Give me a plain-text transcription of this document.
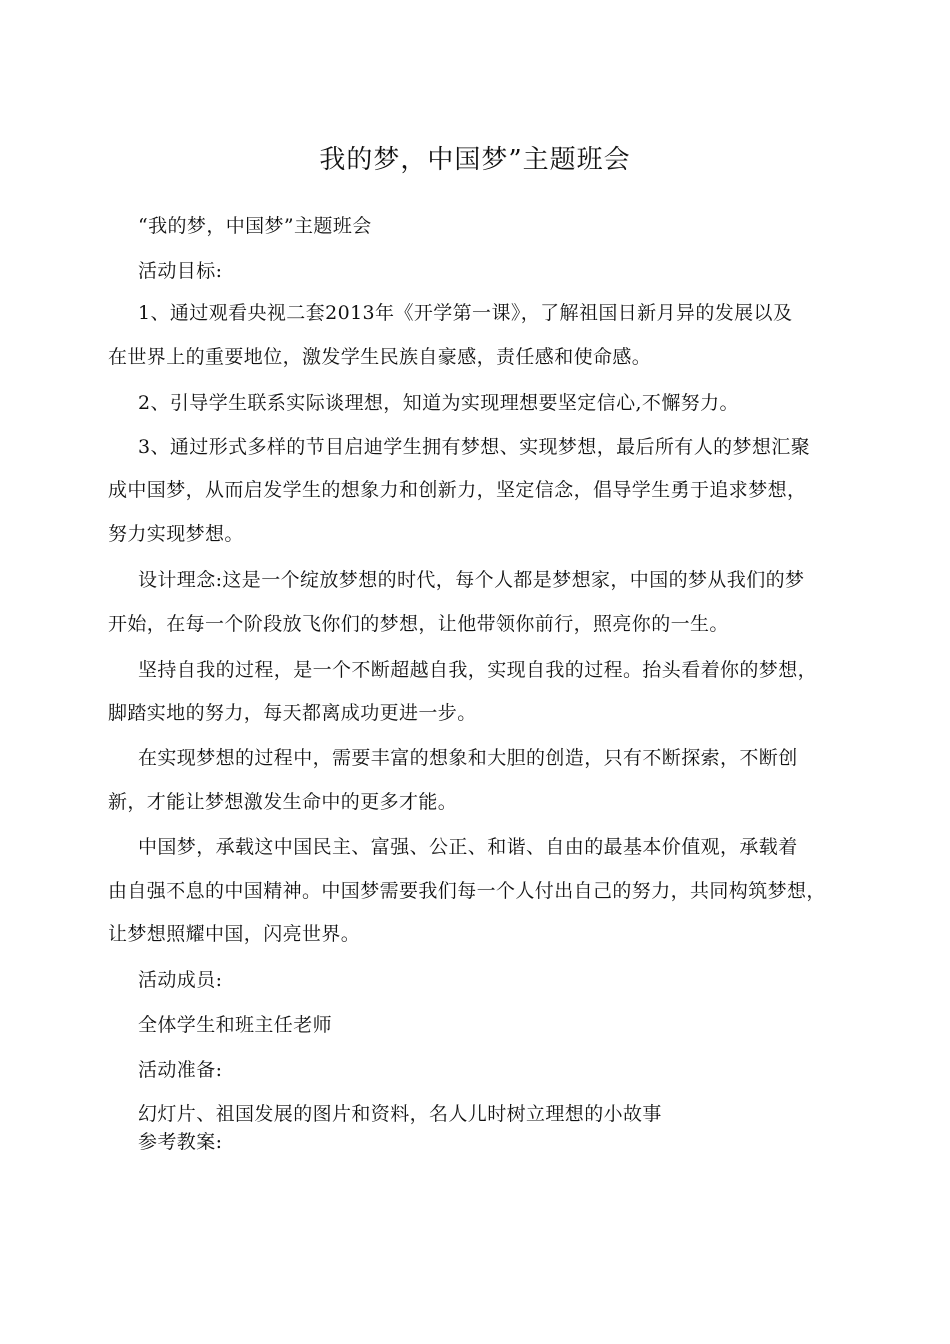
我的梦，中国梦”主题班会
“我的梦，中国梦”主题班会
活动目标:
1、通过观看央视二套2013年《开学第一课》，了解祖国日新月异的发展以及
在世界上的重要地位，激发学生民族自豪感，责任感和使命感。
2、引导学生联系实际谈理想，知道为实现理想要坚定信心,不懈努力。
3、通过形式多样的节目启迪学生拥有梦想、实现梦想，最后所有人的梦想汇聚
成中国梦，从而启发学生的想象力和创新力，坚定信念，倡导学生勇于追求梦想，
努力实现梦想。
设计理念:这是一个绽放梦想的时代，每个人都是梦想家，中国的梦从我们的梦
开始，在每一个阶段放飞你们的梦想，让他带领你前行，照亮你的一生。
坚持自我的过程，是一个不断超越自我，实现自我的过程。抬头看着你的梦想，
脚踏实地的努力，每天都离成功更进一步。
在实现梦想的过程中，需要丰富的想象和大胆的创造，只有不断探索，不断创
新，才能让梦想激发生命中的更多才能。
中国梦，承载这中国民主、富强、公正、和谐、自由的最基本价值观，承载着
由自强不息的中国精神。中国梦需要我们每一个人付出自己的努力，共同构筑梦想，
让梦想照耀中国，闪亮世界。
活动成员:
全体学生和班主任老师
活动准备:
幻灯片、祖国发展的图片和资料，名人儿时树立理想的小故事
参考教案:
